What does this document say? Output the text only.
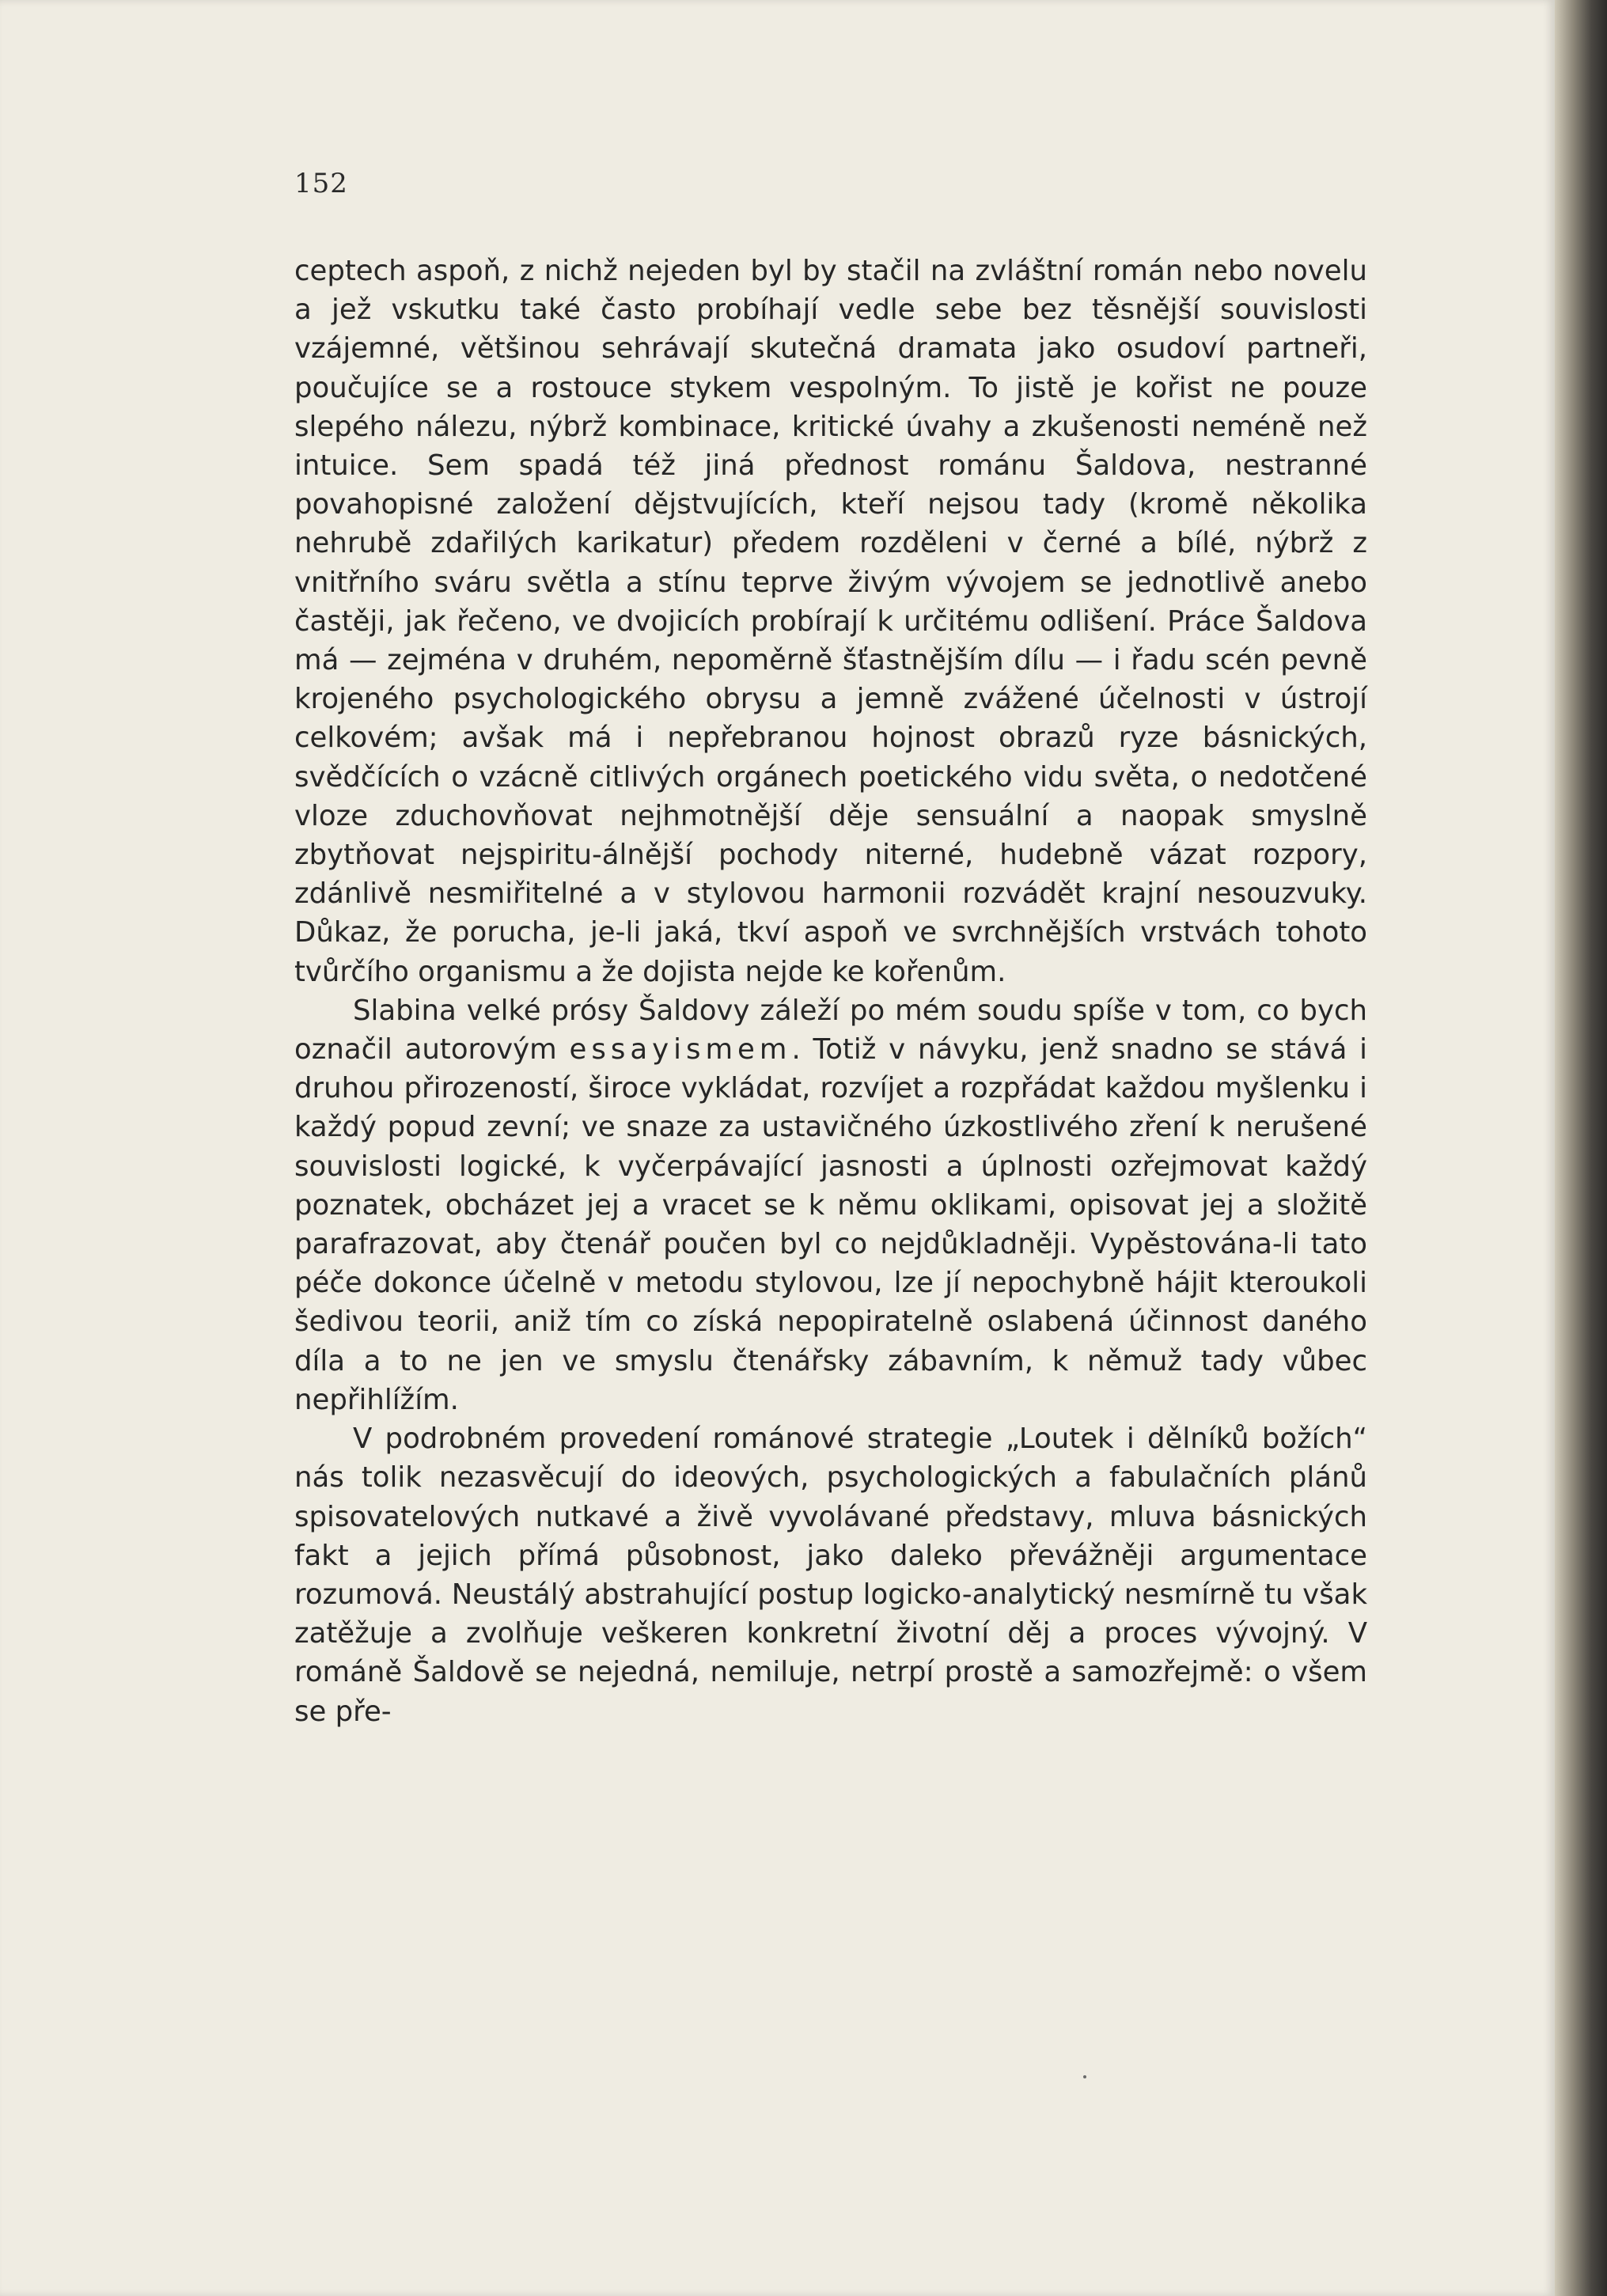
152

ceptech aspoň, z nichž nejeden byl by stačil na zvláštní román nebo novelu a jež vskutku také často probíhají vedle sebe bez těsnější souvislosti vzájemné, většinou sehrávají skutečná dramata jako osudoví partneři, poučujíce se a rostouce stykem vespolným. To jistě je kořist ne pouze slepého nálezu, nýbrž kombinace, kritické úvahy a zkušenosti neméně než intuice. Sem spadá též jiná přednost románu Šaldova, nestranné povahopisné založení dějstvujících, kteří nejsou tady (kromě několika nehrubě zdařilých karikatur) předem rozděleni v černé a bílé, nýbrž z vnitřního sváru světla a stínu teprve živým vývojem se jednotlivě anebo častěji, jak řečeno, ve dvojicích probírají k určitému odlišení. Práce Šaldova má — zejména v druhém, nepoměrně šťastnějším dílu — i řadu scén pevně krojeného psychologického obrysu a jemně zvážené účelnosti v ústrojí celkovém; avšak má i nepřebranou hojnost obrazů ryze básnických, svědčících o vzácně citlivých orgánech poetického vidu světa, o nedotčené vloze zduchovňovat nejhmotnější děje sensuální a naopak smyslně zbytňovat nejspiritu-álnější pochody niterné, hudebně vázat rozpory, zdánlivě nesmiřitelné a v stylovou harmonii rozvádět krajní nesouzvuky. Důkaz, že porucha, je-li jaká, tkví aspoň ve svrchnějších vrstvách tohoto tvůrčího organismu a že dojista nejde ke kořenům.

Slabina velké prósy Šaldovy záleží po mém soudu spíše v tom, co bych označil autorovým essayismem. Totiž v návyku, jenž snadno se stává i druhou přirozeností, široce vykládat, rozvíjet a rozpřádat každou myšlenku i každý popud zevní; ve snaze za ustavičného úzkostlivého zření k nerušené souvislosti logické, k vyčerpávající jasnosti a úplnosti ozřejmovat každý poznatek, obcházet jej a vracet se k němu oklikami, opisovat jej a složitě parafrazovat, aby čtenář poučen byl co nejdůkladněji. Vypěstována-li tato péče dokonce účelně v metodu stylovou, lze jí nepochybně hájit kteroukoli šedivou teorii, aniž tím co získá nepopiratelně oslabená účinnost daného díla a to ne jen ve smyslu čtenářsky zábavním, k němuž tady vůbec nepřihlížím.

V podrobném provedení románové strategie „Loutek i dělníků božích“ nás tolik nezasvěcují do ideových, psychologických a fabulačních plánů spisovatelových nutkavé a živě vyvolávané představy, mluva básnických fakt a jejich přímá působnost, jako daleko převážněji argumentace rozumová. Neustálý abstrahující postup logicko-analytický nesmírně tu však zatěžuje a zvolňuje veškeren konkretní životní děj a proces vývojný. V románě Šaldově se nejedná, nemiluje, netrpí prostě a samozřejmě: o všem se pře-
